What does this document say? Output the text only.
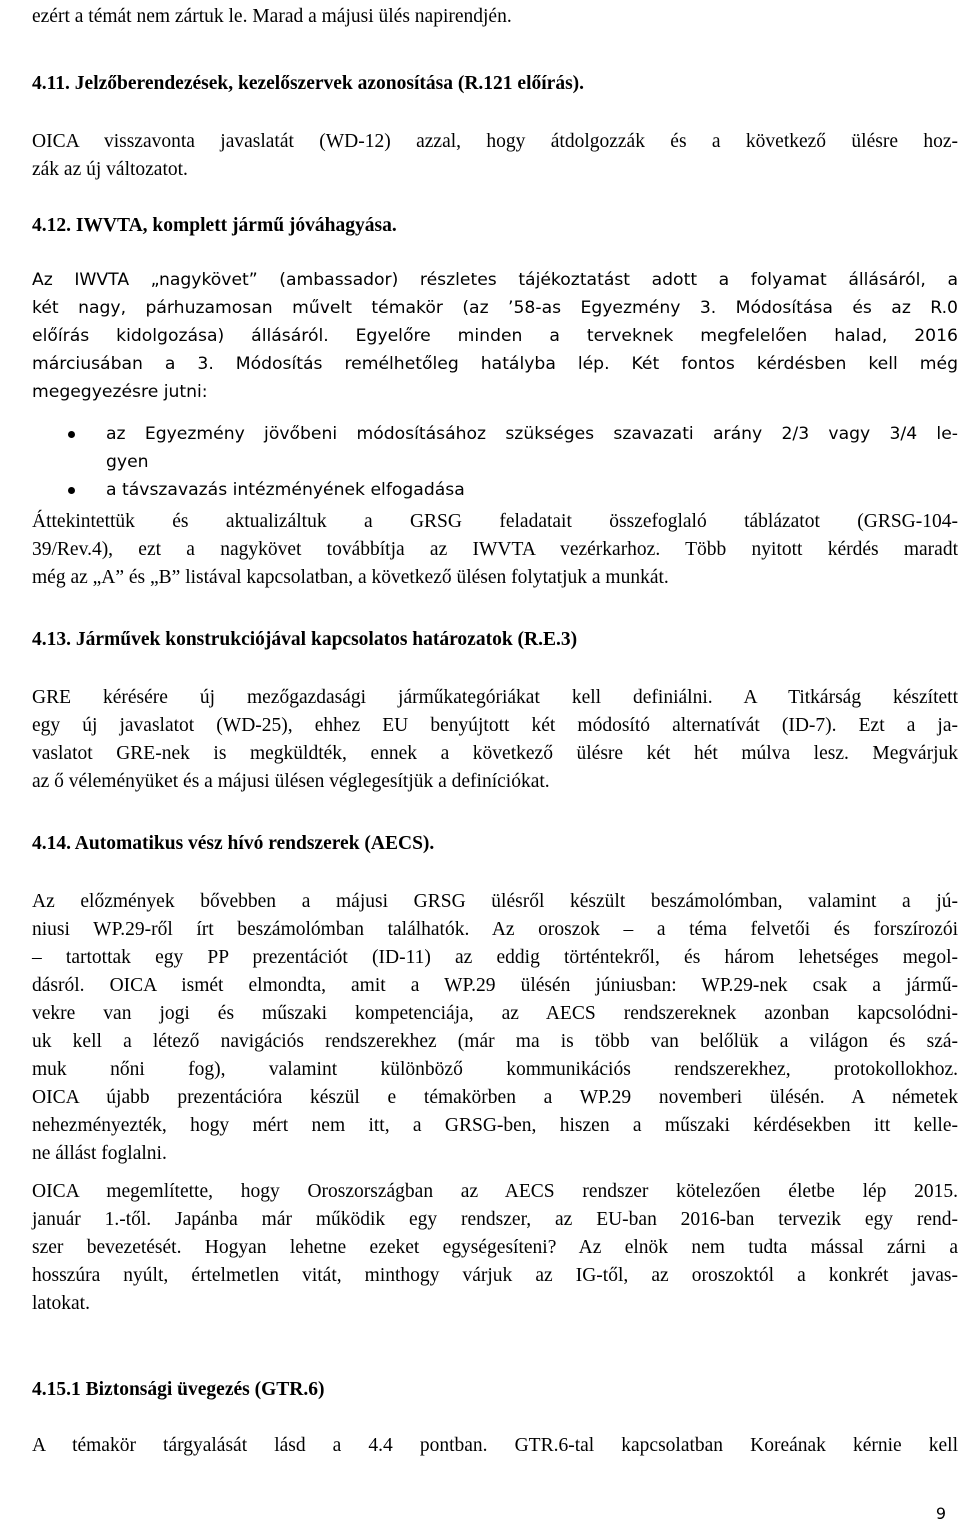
ezért a témát nem zártuk le. Marad a májusi ülés napirendjén.

4.11. Jelzőberendezések, kezelőszervek azonosítása (R.121 előírás).

OICA visszavonta javaslatát (WD-12) azzal, hogy átdolgozzák és a következő ülésre hoz-
zák az új változatot.

4.12. IWVTA, komplett jármű jóváhagyása.

Az IWVTA „nagykövet” (ambassador) részletes tájékoztatást adott a folyamat állásáról, a
két nagy, párhuzamosan művelt témakör (az ’58-as Egyezmény 3. Módosítása és az R.0
előírás kidolgozása) állásáról. Egyelőre minden a terveknek megfelelően halad, 2016
márciusában a 3. Módosítás remélhetőleg hatályba lép. Két fontos kérdésben kell még
megegyezésre jutni:

az Egyezmény jövőbeni módosításához szükséges szavazati arány 2/3 vagy 3/4 le-
gyen
a távszavazás intézményének elfogadása

Áttekintettük és aktualizáltuk a GRSG feladatait összefoglaló táblázatot (GRSG-104-
39/Rev.4), ezt a nagykövet továbbítja az IWVTA vezérkarhoz. Több nyitott kérdés maradt
még az „A” és „B” listával kapcsolatban, a következő ülésen folytatjuk a munkát.

4.13. Járművek konstrukciójával kapcsolatos határozatok (R.E.3)

GRE kérésére új mezőgazdasági járműkategóriákat kell definiálni. A Titkárság készített
egy új javaslatot (WD-25), ehhez EU benyújtott két módosító alternatívát (ID-7). Ezt a ja-
vaslatot GRE-nek is megküldték, ennek a következő ülésre két hét múlva lesz. Megvárjuk
az ő véleményüket és a májusi ülésen véglegesítjük a definíciókat.

4.14. Automatikus vész hívó rendszerek (AECS).

Az előzmények bővebben a májusi GRSG ülésről készült beszámolómban, valamint a jú-
niusi WP.29-ről írt beszámolómban találhatók. Az oroszok – a téma felvetői és forszírozói
– tartottak egy PP prezentációt (ID-11) az eddig történtekről, és három lehetséges megol-
dásról. OICA ismét elmondta, amit a WP.29 ülésén júniusban: WP.29-nek csak a jármű-
vekre van jogi és műszaki kompetenciája, az AECS rendszereknek azonban kapcsolódni-
uk kell a létező navigációs rendszerekhez (már ma is több van belőlük a világon és szá-
muk nőni fog), valamint különböző kommunikációs rendszerekhez, protokollokhoz.
OICA újabb prezentációra készül e témakörben a WP.29 novemberi ülésén. A németek
nehezményezték, hogy mért nem itt, a GRSG-ben, hiszen a műszaki kérdésekben itt kelle-
ne állást foglalni.

OICA megemlítette, hogy Oroszországban az AECS rendszer kötelezően életbe lép 2015.
január 1.-től. Japánba már működik egy rendszer, az EU-ban 2016-ban tervezik egy rend-
szer bevezetését. Hogyan lehetne ezeket egységesíteni? Az elnök nem tudta mással zárni a
hosszúra nyúlt, értelmetlen vitát, minthogy várjuk az IG-től, az oroszoktól a konkrét javas-
latokat.

4.15.1 Biztonsági üvegezés (GTR.6)

A témakör tárgyalását lásd a 4.4 pontban. GTR.6-tal kapcsolatban Koreának kérnie kell

9
